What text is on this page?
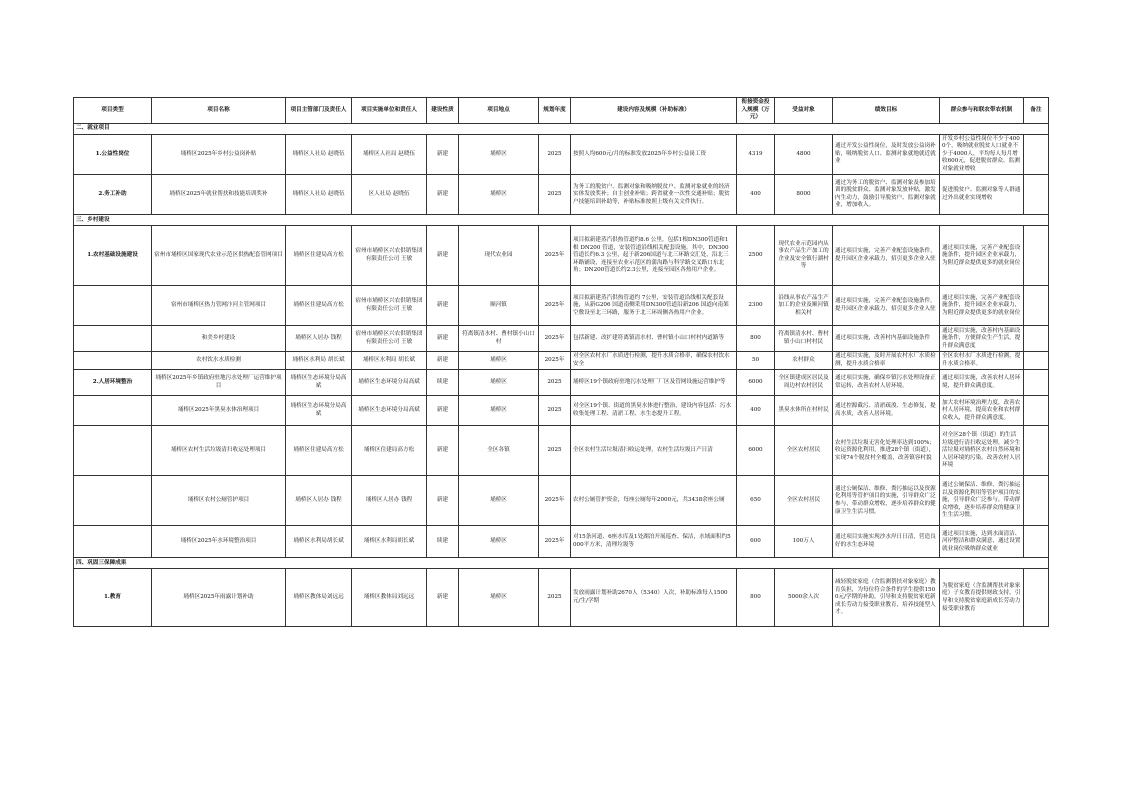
项目类型	项目名称	项目主管部门及责任人	项目实施单位和责任人	建设性质	项目地点	规划年度	建设内容及规模（补助标准）	衔接资金投入规模（万元）	受益对象	绩效目标	群众参与和联农带农机制	备注
二、就业项目												
1.公益性岗位	埇桥区2025年乡村公益岗补贴	埇桥区人社局 赵晓伍	埇桥区人社局 赵晓伍	新建	埇桥区	2025	按照人均600元/月的标准发放2025年乡村公益岗工资	4319	4800	通过开发公益性岗位，及时发放公益岗补贴，吸纳脱贫人口、监测对象就地就近就业	开发乡村公益性岗位不少于4000个，吸纳就业脱贫人口就业不少于4000人，平均每人每月增收600元，促进脱贫群众、监测对象就业增收	
2.务工补助	埇桥区2025年就业帮扶和技能培训奖补	埇桥区人社局 赵晓伍	区人社局 赵晓伍	新建	埇桥区	2025	为务工的脱贫户、监测对象和吸纳脱贫户、监测对象就业的经济实体发放奖补；自主创业补贴；跨省就业一次性交通补贴；脱贫户技能培训补助等，补贴标准按照上级有关文件执行。	400	8000	通过为务工的脱贫户、监测对象及参加培训的脱贫群众、监测对象发放补贴，激发内生动力，鼓励引导脱贫户、监测对象就业，增加收入。	促进脱贫户、监测对象等人群通过外出就业实现增收	
三、乡村建设												
1.农村基础设施建设	宿州市埇桥区国家现代农业示范区供热配套管网项目	埇桥区住建局高方松	宿州市埇桥区兴农供销集团有限责任公司 王敏	新建	现代农业园	2025年	项目拟新建蒸汽供热管道约8.6 公里，包括1根DN300管道和1 根 DN200 管道，安装管道沿线相关配套设施。其中，DN300管道长约6.3 公里，起于新206国道与北三环路交汇处，沿北三环路铺设，连接至农业示范区的蒲沟路与科学路交叉路口东北角；DN200管道长约2.3公里，连接至园区各热用户企业。	2500	现代农业示范园内从事农产品生产加工的企业及安全镇行湖村等	通过项目实施，完善产业配套设施条件，提升园区企业承载力，招引更多企业入驻	通过项目实施，完善产业配套设施条件，提升园区企业承载力，为附近群众提供更多的就业岗位	
	宿州市埇桥区热力管网汴河主管网项目	埇桥区住建局高方松	宿州市埇桥区兴农供销集团有限责任公司 王敏	新建	顺河镇	2025年	项目拟新建蒸汽供热管道约 7公里，安装管道沿线相关配套设施，从新G206 国道南侧采用DN300管道沿新206 国道向南架空敷设至北三环路，服务于北三环周侧各热用户企业。	2300	沿线从事农产品生产加工的企业及顺河镇相关村	通过项目实施，完善产业配套设施条件，提升园区企业承载力，招引更多企业入驻	通过项目实施，完善产业配套设施条件，提升园区企业承载力，为附近群众提供更多的就业岗位	
	和美乡村建设	埇桥区人居办 钱程	宿州市埇桥区兴农供销集团有限责任公司 王敏	新建	符离镇清水村、曹村镇小山口村	2025年	包括新建、改扩建符离镇清水村、曹村镇小山口村村内道路等	800	符离镇清水村、曹村镇小山口村村民	通过项目实施，改善村内基础设施条件	通过项目实施，改善村内基础设施条件，方便群众生产生活，提升群众满意度	
	农村饮水水质检测	埇桥区水利局 胡长斌	埇桥区水利局 胡长斌	新建	埇桥区	2025年	对全区农村水厂水质进行检测，提升水质合格率，确保农村饮水安全	50	农村群众	通过项目实施，及时开展农村水厂水质检测，提升水质合格率	全区农村水厂水质进行检测，提升水质合格率。	
2.人居环境整治	埇桥区2025年乡镇政府驻地污水处理厂运营维护项目	埇桥区生态环境分局高斌	埇桥区生态环境分局高斌	续建	埇桥区	2025	埇桥区19个镇政府驻地污水处理厂厂区及管网设施运营维护等	6000	全区镇建成区居民及周边村农村居民	通过项目实施，确保乡镇污水处理设备正常运转，改善农村人居环境。	通过项目实施，改善农村人居环境，提升群众满意度。	
	埇桥区2025年黑臭水体治理项目	埇桥区生态环境分局高斌	埇桥区生态环境分局高斌	新建	埇桥区	2025	对全区19个镇、街道的黑臭水体进行整治，建设内容包括：污水收集处理工程、清淤工程、水生态提升工程。	400	黑臭水体所在村村民	通过控源截污、清淤疏浚、生态修复，提高水质，改善人居环境。	加大农村环境治理力度，改善农村人居环境，提高农业和农村群众收入，提升群众满意度。	
	埇桥区农村生活垃圾清扫收运处理项目	埇桥区住建局高方松	埇桥区住建局高方松	新建	全区各镇	2025	全区农村生活垃圾清扫收运处理，农村生活垃圾日产日清	6000	全区农村居民	农村生活垃圾无害化处理率达到100%；收运资源化利用，推进28个镇（街道），实现74个脱贫村全覆盖，改善镇容村貌	对全区28个镇（街道）的生活垃圾进行清扫收运处理，减少生活垃圾对埇桥区农村自然环境和人居环境的污染，改善农村人居环境	
	埇桥区农村公厕管护项目	埇桥区人居办 钱程	埇桥区人居办 钱程	新建	埇桥区	2025年	农村公厕管护资金，每座公厕每年2000元，共3438余座公厕	650	全区农村居民	通过公厕保洁、维修、粪污抽运以及资源化利用等管护项目的实施，引导群众广泛参与，带动群众增收，逐步培养群众的健康卫生生活习惯。	通过公厕保洁、维修、粪污抽运以及资源化利用等管护项目的实施，引导群众广泛参与，带动群众增收，逐步培养群众的健康卫生生活习惯。	
	埇桥区2025年水环境整治项目	埇桥区水利局胡长斌	埇桥区水利局胡长斌	续建	埇桥区	2025年	对15条河道、6座水库及1处湖泊开展巡查、保洁，水域面积约5000平方米，清理垃圾等	600	100万人	通过项目实施实现沙水岸日日清，营造良好的水生态环境	通过项目实施，达到水面清洁、河岸整洁和群众满意，通过设置就业岗位吸纳群众就业	
四、巩固三保障成果												
1.教育	埇桥区2025年雨露计划补助	埇桥区教体局刘远远	埇桥区教体局刘远远	新建	埇桥区	2025	发放雨露计划补助2670人（5340）人次，补助标准每人1500元/生/学期	800	5000余人次	减轻脱贫家庭（含监测帮扶对象家庭）教育负担，为每位符合条件的学生提供1500元/学期的补助，引导和支持脱贫家庭新成长劳动力接受职业教育，培养技能型人才。	为脱贫家庭（含监测帮扶对象家庭）子女教育提供财政支持，引导和支持脱贫家庭新成长劳动力接受职业教育	
